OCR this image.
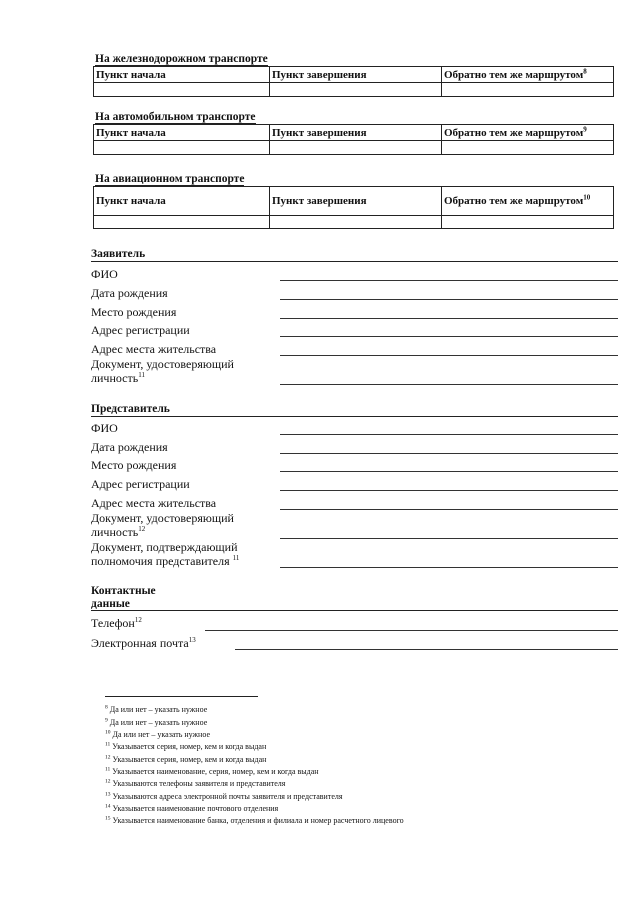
На железнодорожном транспорте
Пункт начала	Пункт завершения	Обратно тем же маршрутом$^8$

На автомобильном транспорте
Пункт начала	Пункт завершения	Обратно тем же маршрутом$^9$

На авиационном транспорте
Пункт начала	Пункт завершения	Обратно тем же маршрутом$^{10}$

Заявитель
ФИО
Дата рождения
Место рождения
Адрес регистрации
Адрес места жительства
Документ, удостоверяющий
личность$^{11}$
Представитель
ФИО
Дата рождения
Место рождения
Адрес регистрации
Адрес места жительства
Документ, удостоверяющий
личность$^{12}$
Документ, подтверждающий
полномочия представителя $^{11}$
Контактные
данные
Телефон$^{12}$
Электронная почта$^{13}$
$^8$ Да или нет – указать нужное
$^9$ Да или нет – указать нужное
$^{10}$ Да или нет – указать нужное
$^{11}$ Указывается серия, номер, кем и когда выдан
$^{12}$ Указывается серия, номер, кем и когда выдан
$^{11}$ Указывается наименование, серия, номер, кем и когда выдан
$^{12}$ Указываются телефоны заявителя и представителя
$^{13}$ Указываются адреса электронной почты заявителя и представителя
$^{14}$ Указывается наименование почтового отделения
$^{15}$ Указывается наименование банка, отделения и филиала и номер расчетного лицевого
